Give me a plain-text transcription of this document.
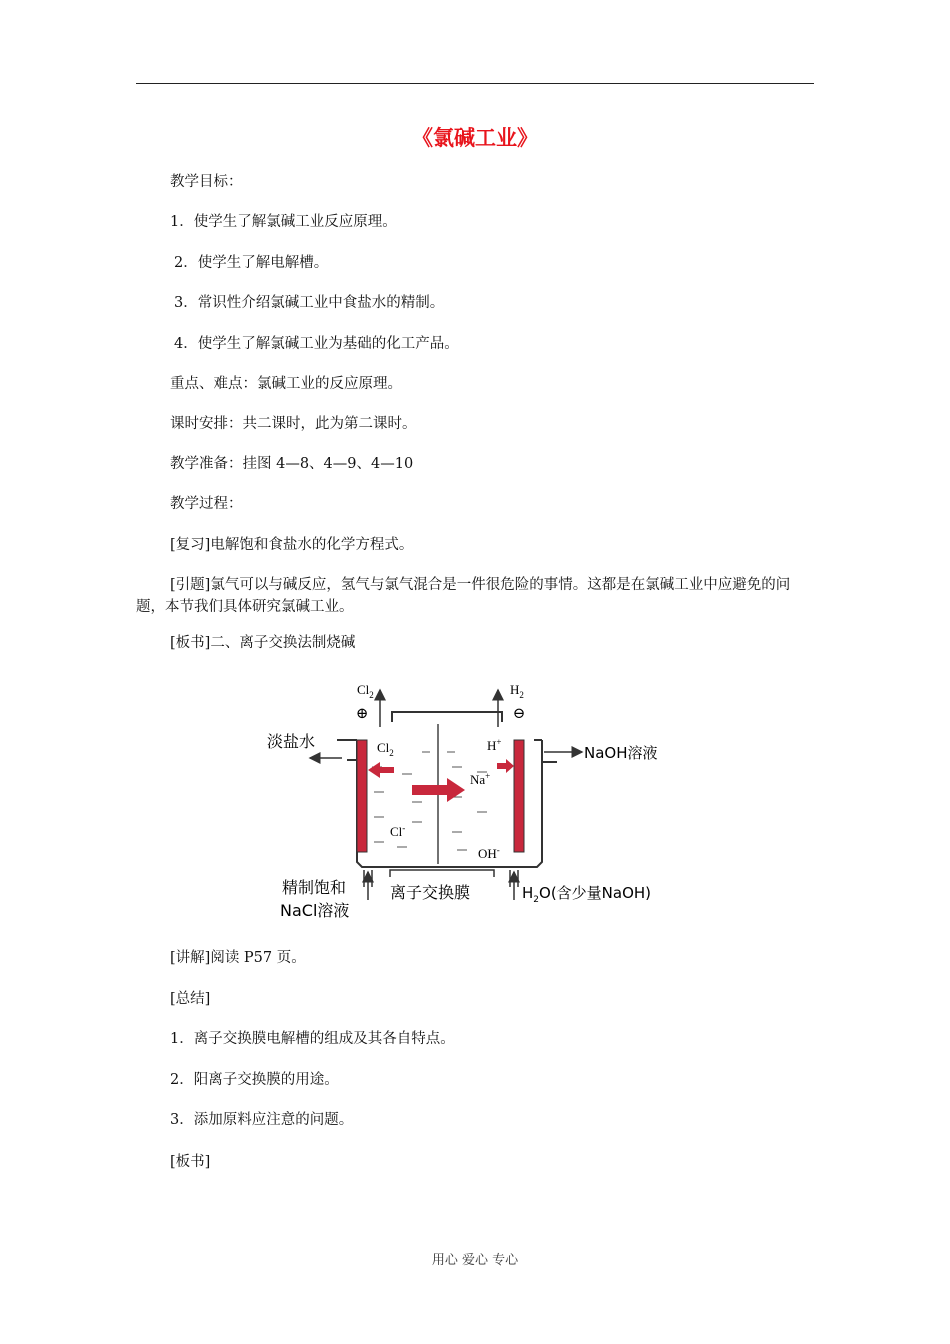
《氯碱工业》
教学目标：
1．使学生了解氯碱工业反应原理。
2．使学生了解电解槽。
3．常识性介绍氯碱工业中食盐水的精制。
4．使学生了解氯碱工业为基础的化工产品。
重点、难点：氯碱工业的反应原理。
课时安排：共二课时，此为第二课时。
教学准备：挂图 4—8、4—9、4—10
教学过程：
[复习]电解饱和食盐水的化学方程式。
[引题]氯气可以与碱反应，氢气与氯气混合是一件很危险的事情。这都是在氯碱工业中应避免的问题，本节我们具体研究氯碱工业。
[板书]二、离子交换法制烧碱
⊕	⊖
$Cl_2$	$H_2$
淡盐水
NaOH溶液
$Cl_2$	H+
Na+
Cl-
OH-
精制饱和
NaCl溶液
离子交换膜	$H_2O$(含少量NaOH)
[讲解]阅读 P57 页。
[总结]
1．离子交换膜电解槽的组成及其各自特点。
2．阳离子交换膜的用途。
3．添加原料应注意的问题。
[板书]
用心 爱心 专心
